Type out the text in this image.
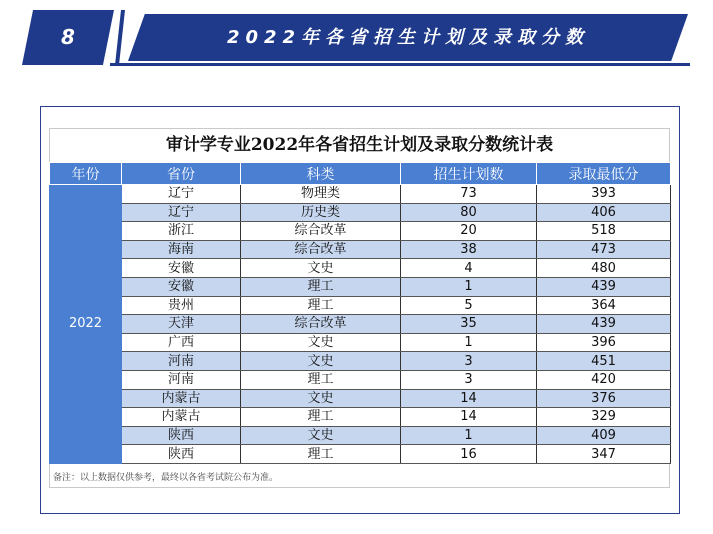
8	2022年各省招生计划及录取分数
审计学专业2022年各省招生计划及录取分数统计表
年份	省份	科类	招生计划数	录取最低分
2022	辽宁	物理类	73	393
	辽宁	历史类	80	406
	浙江	综合改革	20	518
	海南	综合改革	38	473
	安徽	文史	4	480
	安徽	理工	1	439
	贵州	理工	5	364
	天津	综合改革	35	439
	广西	文史	1	396
	河南	文史	3	451
	河南	理工	3	420
	内蒙古	文史	14	376
	内蒙古	理工	14	329
	陕西	文史	1	409
	陕西	理工	16	347
备注：以上数据仅供参考，最终以各省考试院公布为准。
